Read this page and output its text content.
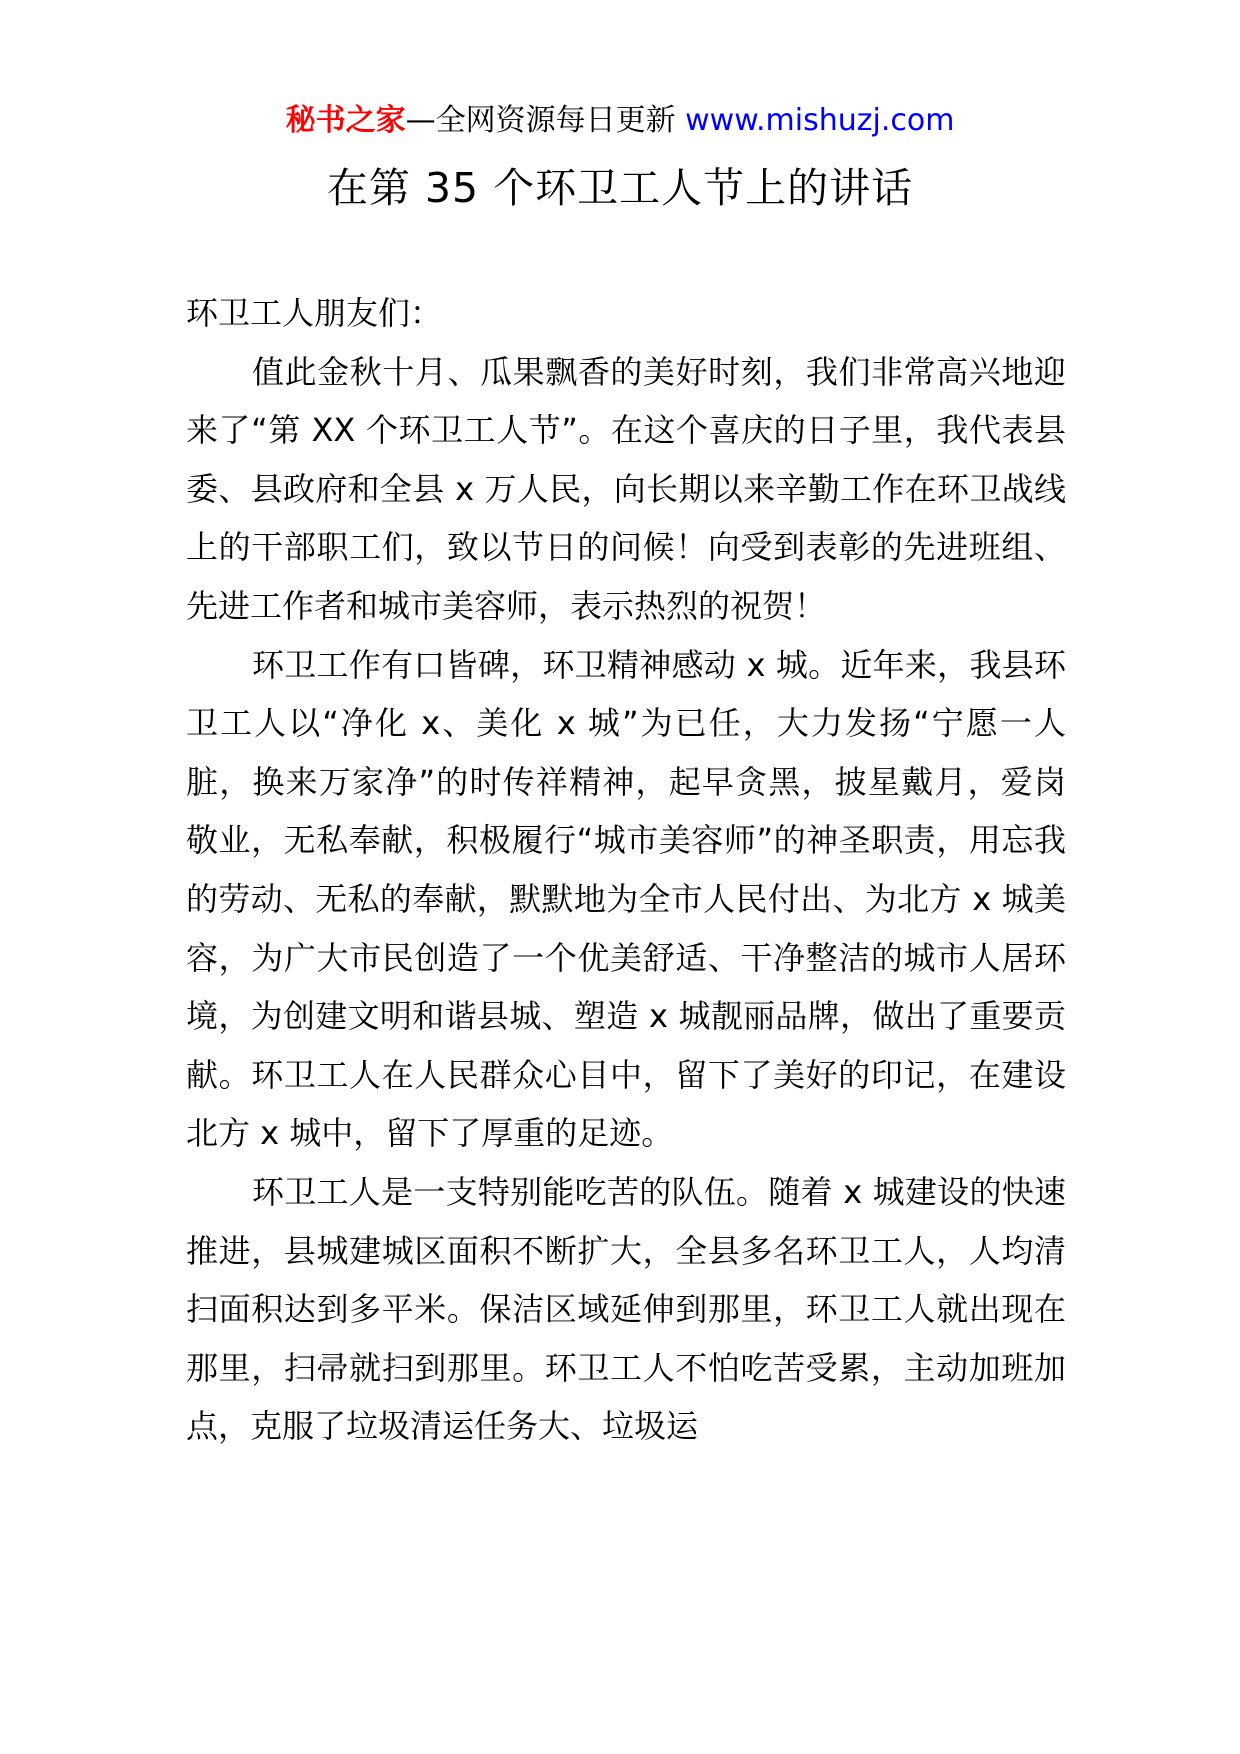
秘书之家—全网资源每日更新 www.mishuzj.com
在第 35 个环卫工人节上的讲话

环卫工人朋友们：

值此金秋十月、瓜果飘香的美好时刻，我们非常高兴地迎来了“第 XX 个环卫工人节”。在这个喜庆的日子里，我代表县委、县政府和全县 x 万人民，向长期以来辛勤工作在环卫战线上的干部职工们，致以节日的问候！向受到表彰的先进班组、先进工作者和城市美容师，表示热烈的祝贺！

环卫工作有口皆碑，环卫精神感动 x 城。近年来，我县环卫工人以“净化 x、美化 x 城”为已任，大力发扬“宁愿一人脏，换来万家净”的时传祥精神，起早贪黑，披星戴月，爱岗敬业，无私奉献，积极履行“城市美容师”的神圣职责，用忘我的劳动、无私的奉献，默默地为全市人民付出、为北方 x 城美容，为广大市民创造了一个优美舒适、干净整洁的城市人居环境，为创建文明和谐县城、塑造 x 城靓丽品牌，做出了重要贡献。环卫工人在人民群众心目中，留下了美好的印记，在建设北方 x 城中，留下了厚重的足迹。

环卫工人是一支特别能吃苦的队伍。随着 x 城建设的快速推进，县城建城区面积不断扩大，全县多名环卫工人，人均清扫面积达到多平米。保洁区域延伸到那里，环卫工人就出现在那里，扫帚就扫到那里。环卫工人不怕吃苦受累，主动加班加点，克服了垃圾清运任务大、垃圾运
